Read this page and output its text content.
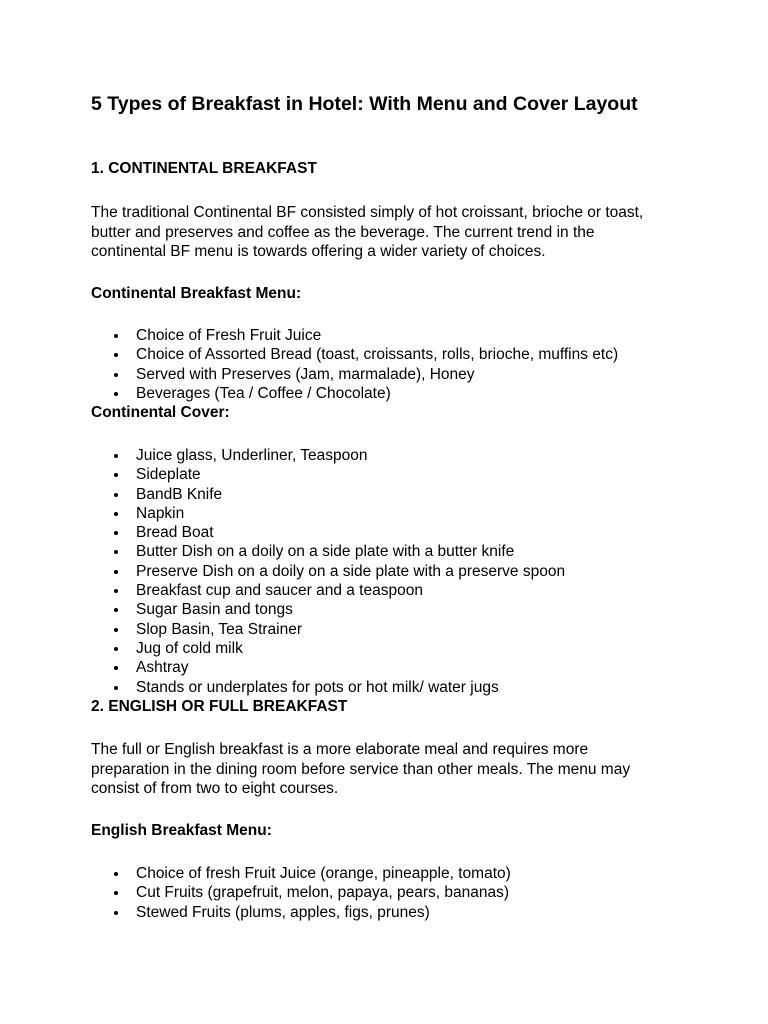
5 Types of Breakfast in Hotel: With Menu and Cover Layout

1. CONTINENTAL BREAKFAST

The traditional Continental BF consisted simply of hot croissant, brioche or toast,
butter and preserves and coffee as the beverage. The current trend in the
continental BF menu is towards offering a wider variety of choices.

Continental Breakfast Menu:

Choice of Fresh Fruit Juice
Choice of Assorted Bread (toast, croissants, rolls, brioche, muffins etc)
Served with Preserves (Jam, marmalade), Honey
Beverages (Tea / Coffee / Chocolate)

Continental Cover:

Juice glass, Underliner, Teaspoon
Sideplate
BandB Knife
Napkin
Bread Boat
Butter Dish on a doily on a side plate with a butter knife
Preserve Dish on a doily on a side plate with a preserve spoon
Breakfast cup and saucer and a teaspoon
Sugar Basin and tongs
Slop Basin, Tea Strainer
Jug of cold milk
Ashtray
Stands or underplates for pots or hot milk/ water jugs

2. ENGLISH OR FULL BREAKFAST

The full or English breakfast is a more elaborate meal and requires more
preparation in the dining room before service than other meals. The menu may
consist of from two to eight courses.

English Breakfast Menu:

Choice of fresh Fruit Juice (orange, pineapple, tomato)
Cut Fruits (grapefruit, melon, papaya, pears, bananas)
Stewed Fruits (plums, apples, figs, prunes)
